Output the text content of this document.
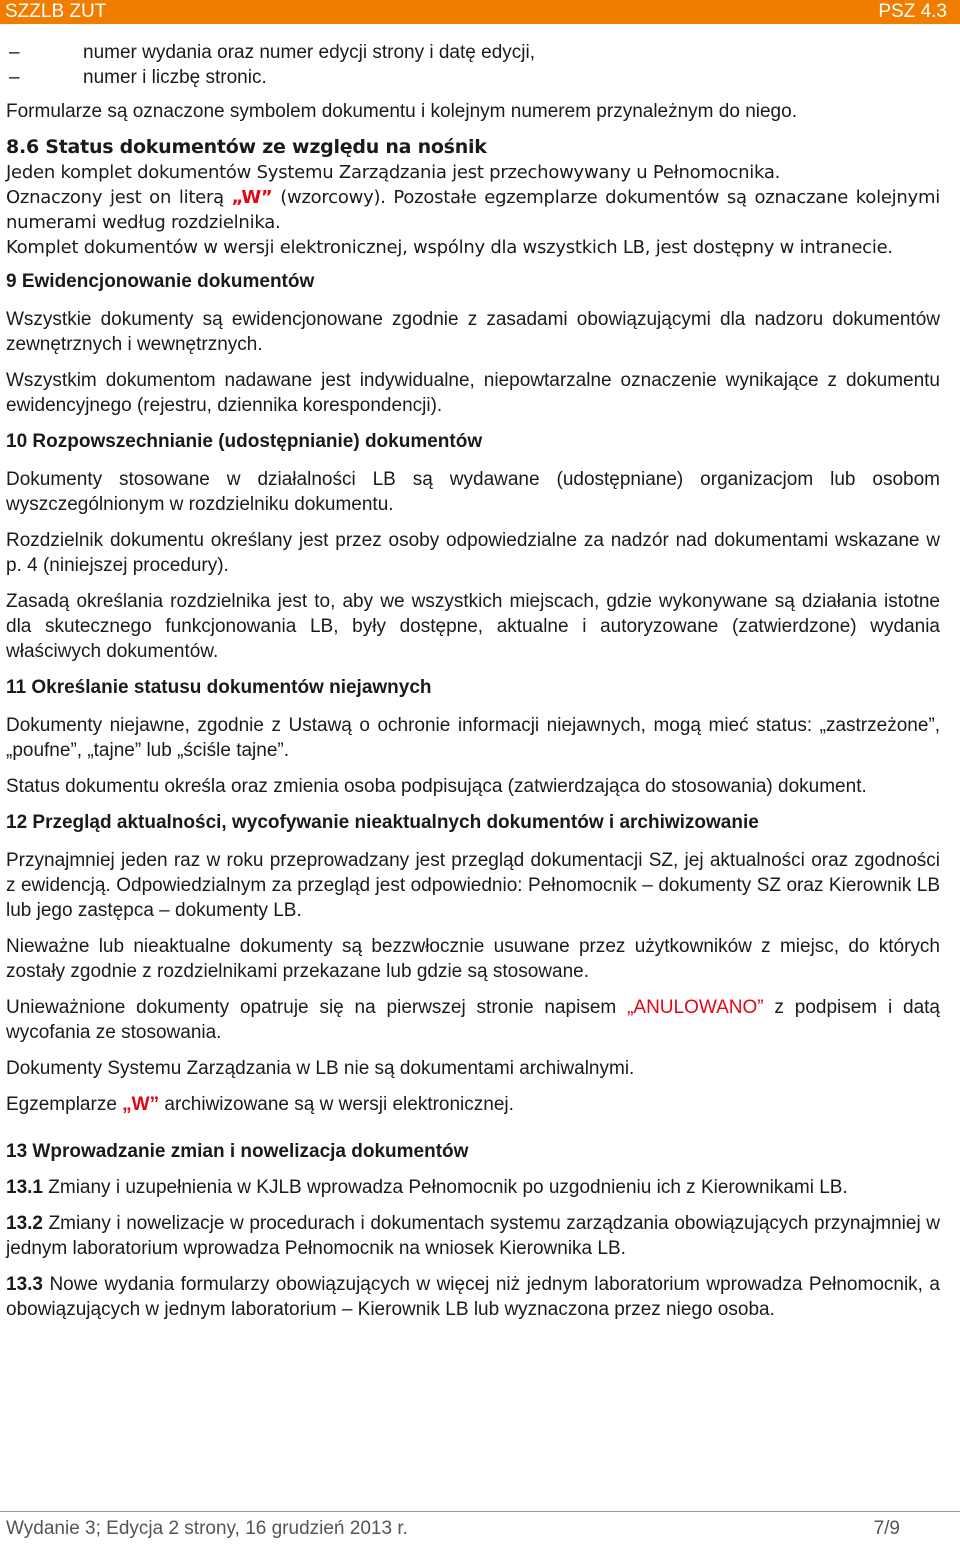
SZZLB ZUT	PSZ 4.3
–	numer wydania oraz numer edycji strony i datę edycji,
–	numer i liczbę stronic.

Formularze są oznaczone symbolem dokumentu i kolejnym numerem przynależnym do niego.

8.6 Status dokumentów ze względu na nośnik

Jeden komplet dokumentów Systemu Zarządzania jest przechowywany u Pełnomocnika.

Oznaczony jest on literą „W” (wzorcowy). Pozostałe egzemplarze dokumentów są oznaczane kolejnymi numerami według rozdzielnika.

Komplet dokumentów w wersji elektronicznej, wspólny dla wszystkich LB, jest dostępny w intranecie.

9 Ewidencjonowanie dokumentów

Wszystkie dokumenty są ewidencjonowane zgodnie z zasadami obowiązującymi dla nadzoru dokumentów zewnętrznych i wewnętrznych.

Wszystkim dokumentom nadawane jest indywidualne, niepowtarzalne oznaczenie wynikające z dokumentu ewidencyjnego (rejestru, dziennika korespondencji).

10 Rozpowszechnianie (udostępnianie) dokumentów

Dokumenty stosowane w działalności LB są wydawane (udostępniane) organizacjom lub osobom wyszczególnionym w rozdzielniku dokumentu.

Rozdzielnik dokumentu określany jest przez osoby odpowiedzialne za nadzór nad dokumentami wskazane w p. 4 (niniejszej procedury).

Zasadą określania rozdzielnika jest to, aby we wszystkich miejscach, gdzie wykonywane są działania istotne dla skutecznego funkcjonowania LB, były dostępne, aktualne i autoryzowane (zatwierdzone) wydania właściwych dokumentów.

11 Określanie statusu dokumentów niejawnych

Dokumenty niejawne, zgodnie z Ustawą o ochronie informacji niejawnych, mogą mieć status: „zastrzeżone”, „poufne”, „tajne” lub „ściśle tajne”.

Status dokumentu określa oraz zmienia osoba podpisująca (zatwierdzająca do stosowania) dokument.

12 Przegląd aktualności, wycofywanie nieaktualnych dokumentów i archiwizowanie

Przynajmniej jeden raz w roku przeprowadzany jest przegląd dokumentacji SZ, jej aktualności oraz zgodności z ewidencją. Odpowiedzialnym za przegląd jest odpowiednio: Pełnomocnik – dokumenty SZ oraz Kierownik LB lub jego zastępca – dokumenty LB.

Nieważne lub nieaktualne dokumenty są bezzwłocznie usuwane przez użytkowników z miejsc, do których zostały zgodnie z rozdzielnikami przekazane lub gdzie są stosowane.

Unieważnione dokumenty opatruje się na pierwszej stronie napisem „ANULOWANO” z podpisem i datą wycofania ze stosowania.

Dokumenty Systemu Zarządzania w LB nie są dokumentami archiwalnymi.

Egzemplarze „W” archiwizowane są w wersji elektronicznej.

13 Wprowadzanie zmian i nowelizacja dokumentów

13.1 Zmiany i uzupełnienia w KJLB wprowadza Pełnomocnik po uzgodnieniu ich z Kierownikami LB.

13.2 Zmiany i nowelizacje w procedurach i dokumentach systemu zarządzania obowiązujących przynajmniej w jednym laboratorium wprowadza Pełnomocnik na wniosek Kierownika LB.

13.3 Nowe wydania formularzy obowiązujących w więcej niż jednym laboratorium wprowadza Pełnomocnik, a obowiązujących w jednym laboratorium – Kierownik LB lub wyznaczona przez niego osoba.

Wydanie 3; Edycja 2 strony, 16 grudzień 2013 r.	7/9
